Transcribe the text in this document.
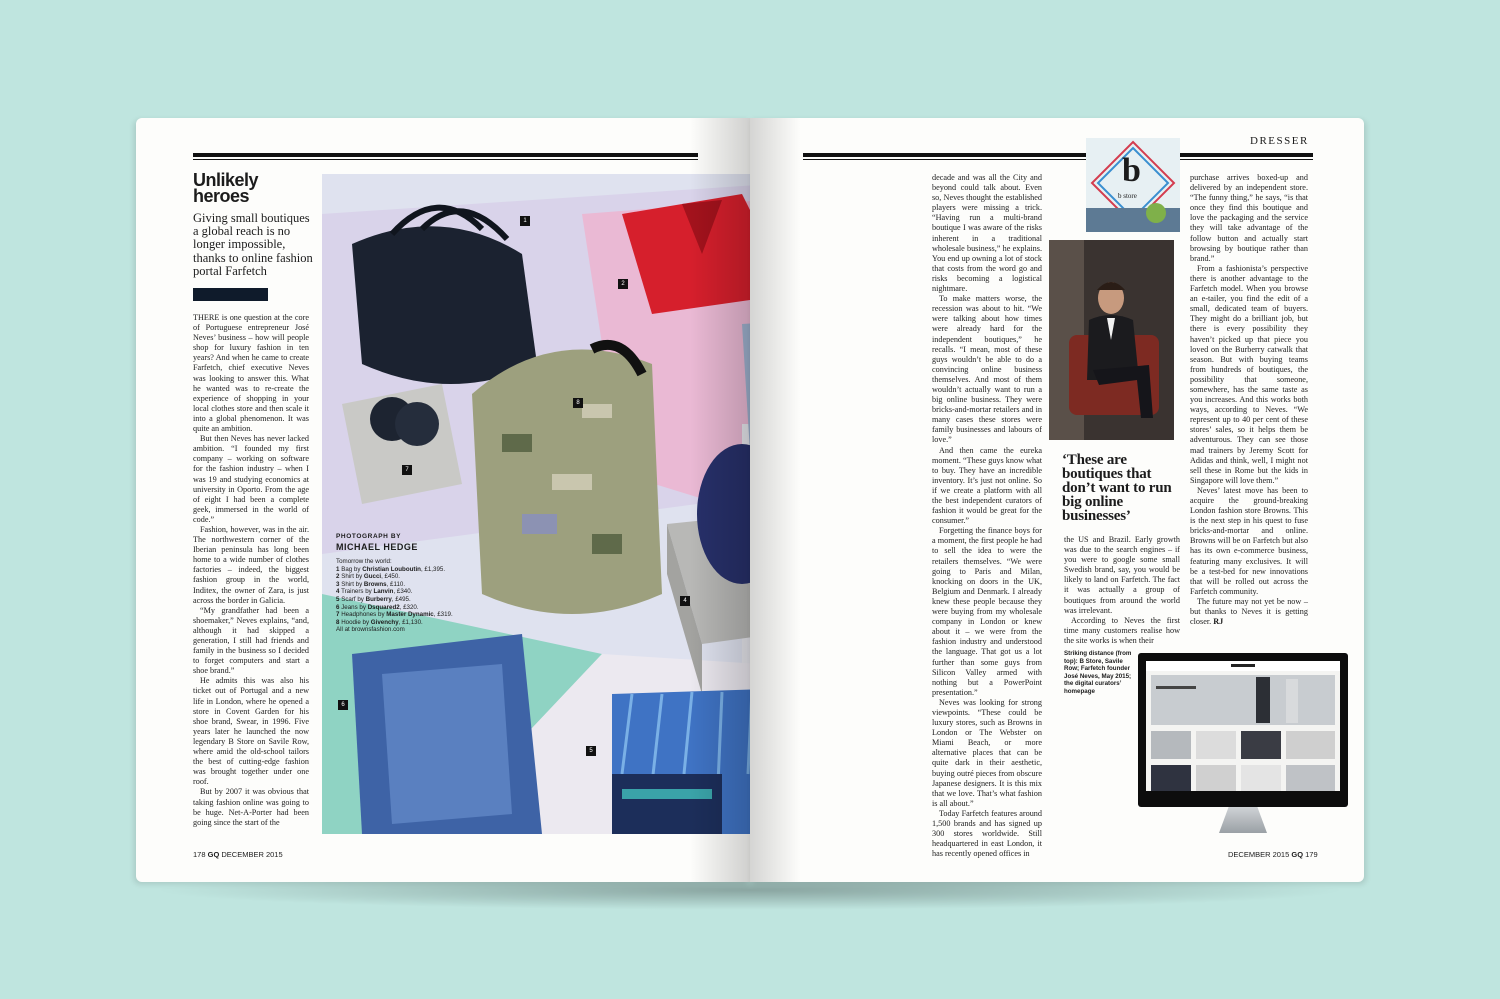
Unlikely
heroes
Giving small boutiques a global reach is no longer impossible, thanks to online fashion portal Farfetch

THERE is one question at the core of Portuguese entrepreneur José Neves’ business – how will people shop for luxury fashion in ten years? And when he came to create Farfetch, chief executive Neves was looking to answer this. What he wanted was to re-create the experience of shopping in your local clothes store and then scale it into a global phenomenon. It was quite an ambition.

But then Neves has never lacked ambition. “I founded my first company – working on software for the fashion industry – when I was 19 and studying economics at university in Oporto. From the age of eight I had been a complete geek, immersed in the world of code.”

Fashion, however, was in the air. The northwestern corner of the Iberian peninsula has long been home to a wide number of clothes factories – indeed, the biggest fashion group in the world, Inditex, the owner of Zara, is just across the border in Galicia.

“My grandfather had been a shoemaker,” Neves explains, “and, although it had skipped a generation, I still had friends and family in the business so I decided to forget computers and start a shoe brand.”

He admits this was also his ticket out of Portugal and a new life in London, where he opened a store in Covent Garden for his shoe brand, Swear, in 1996. Five years later he launched the now legendary B Store on Savile Row, where amid the old-school tailors the best of cutting-edge fashion was brought together under one roof.

But by 2007 it was obvious that taking fashion online was going to be huge. Net-A-Porter had been going since the start of the

1
2
4
5
6
7
8
PHOTOGRAPH BY
MICHAEL HEDGE
Tomorrow the world:
1 Bag by Christian Louboutin, £1,395.
2 Shirt by Gucci, £450.
3 Shirt by Browns, £110.
4 Trainers by Lanvin, £340.
5 Scarf by Burberry, £495.
6 Jeans by Dsquared2, £320.
7 Headphones by Master Dynamic, £319.
8 Hoodie by Givenchy, £1,130.
All at brownsfashion.com
178 GQ DECEMBER 2015
DRESSER

decade and was all the City and beyond could talk about. Even so, Neves thought the established players were missing a trick. “Having run a multi-brand boutique I was aware of the risks inherent in a traditional wholesale business,” he explains. You end up owning a lot of stock that costs from the word go and risks becoming a logistical nightmare.

To make matters worse, the recession was about to hit. “We were talking about how times were already hard for the independent boutiques,” he recalls. “I mean, most of these guys wouldn’t be able to do a convincing online business themselves. And most of them wouldn’t actually want to run a big online business. They were bricks-and-mortar retailers and in many cases these stores were family businesses and labours of love.”

And then came the eureka moment. “These guys know what to buy. They have an incredible inventory. It’s just not online. So if we create a platform with all the best independent curators of fashion it would be great for the consumer.”

Forgetting the finance boys for a moment, the first people he had to sell the idea to were the retailers themselves. “We were going to Paris and Milan, knocking on doors in the UK, Belgium and Denmark. I already knew these people because they were buying from my wholesale company in London or knew about it – we were from the fashion industry and understood the language. That got us a lot further than some guys from Silicon Valley armed with nothing but a PowerPoint presentation.”

Neves was looking for strong viewpoints. “These could be luxury stores, such as Browns in London or The Webster on Miami Beach, or more alternative places that can be quite dark in their aesthetic, buying outré pieces from obscure Japanese designers. It is this mix that we love. That’s what fashion is all about.”

Today Farfetch features around 1,500 brands and has signed up 300 stores worldwide. Still headquartered in east London, it has recently opened offices in

b
b store
‘These are boutiques that don’t want to run big online businesses’

the US and Brazil. Early growth was due to the search engines – if you were to google some small Swedish brand, say, you would be likely to land on Farfetch. The fact it was actually a group of boutiques from around the world was irrelevant.

According to Neves the first time many customers realise how the site works is when their

Striking distance (from top): B Store, Savile Row; Farfetch founder José Neves, May 2015; the digital curators’ homepage

purchase arrives boxed-up and delivered by an independent store. “The funny thing,” he says, “is that once they find this boutique and love the packaging and the service they will take advantage of the follow button and actually start browsing by boutique rather than brand.”

From a fashionista’s perspective there is another advantage to the Farfetch model. When you browse an e-tailer, you find the edit of a small, dedicated team of buyers. They might do a brilliant job, but there is every possibility they haven’t picked up that piece you loved on the Burberry catwalk that season. But with buying teams from hundreds of boutiques, the possibility that someone, somewhere, has the same taste as you increases. And this works both ways, according to Neves. “We represent up to 40 per cent of these stores’ sales, so it helps them be adventurous. They can see those mad trainers by Jeremy Scott for Adidas and think, well, I might not sell these in Rome but the kids in Singapore will love them.”

Neves’ latest move has been to acquire the ground-breaking London fashion store Browns. This is the next step in his quest to fuse bricks-and-mortar and online. Browns will be on Farfetch but also has its own e-commerce business, featuring many exclusives. It will be a test-bed for new innovations that will be rolled out across the Farfetch community.

The future may not yet be now – but thanks to Neves it is getting closer. RJ

DECEMBER 2015 GQ 179
